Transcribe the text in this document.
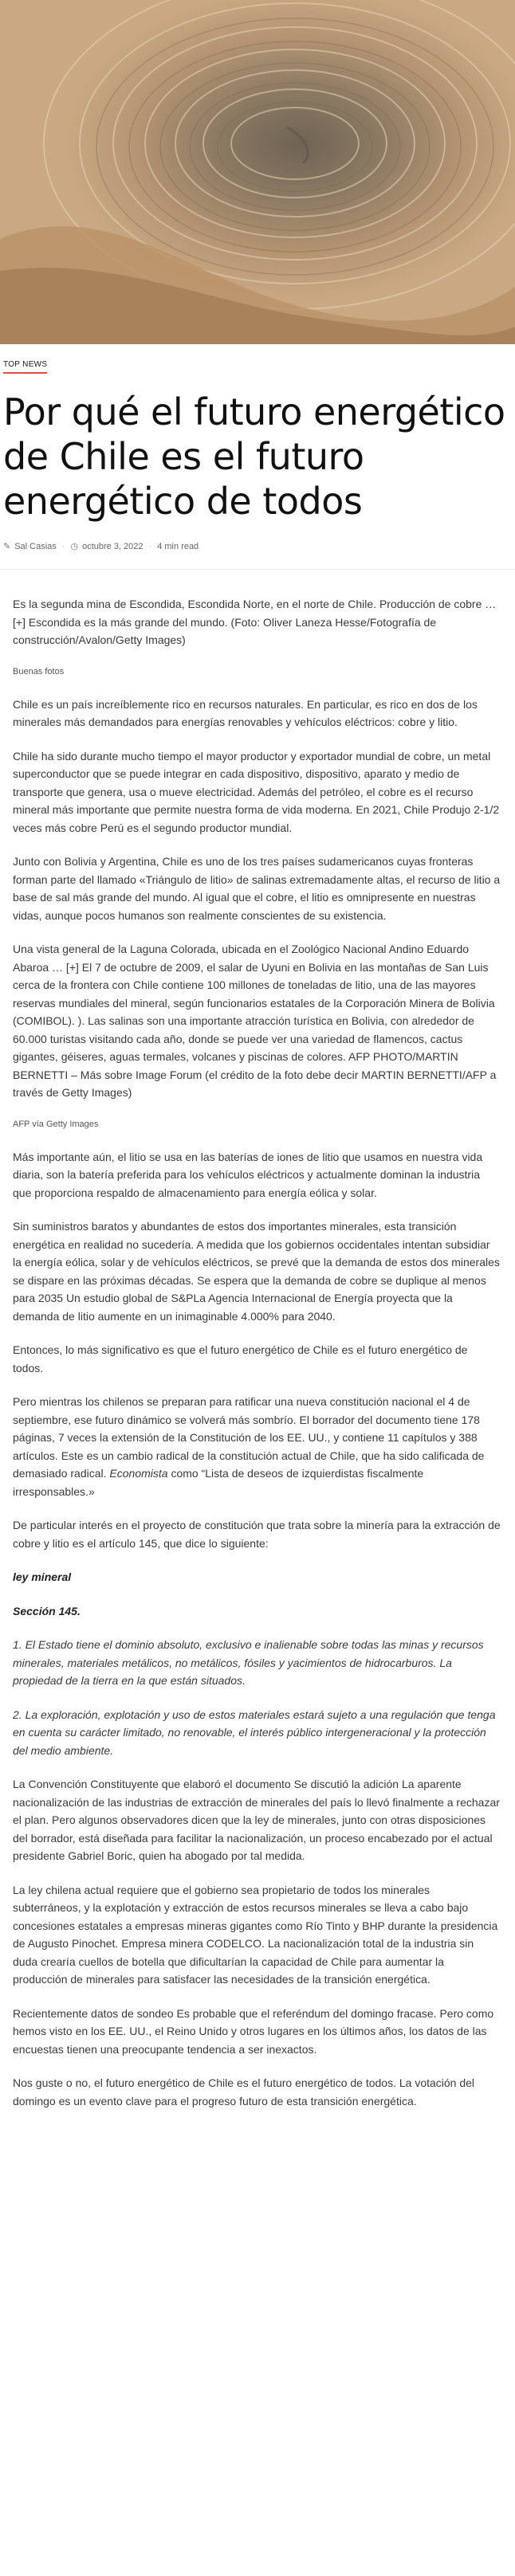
TOP NEWS
Por qué el futuro energético de Chile es el futuro energético de todos
✎ Sal Casias · ◷ octubre 3, 2022 · 4 min read

Es la segunda mina de Escondida, Escondida Norte, en el norte de Chile. Producción de cobre … [+] Escondida es la más grande del mundo. (Foto: Oliver Laneza Hesse/Fotografía de construcción/Avalon/Getty Images)

Buenas fotos

Chile es un país increíblemente rico en recursos naturales. En particular, es rico en dos de los minerales más demandados para energías renovables y vehículos eléctricos: cobre y litio.

Chile ha sido durante mucho tiempo el mayor productor y exportador mundial de cobre, un metal superconductor que se puede integrar en cada dispositivo, dispositivo, aparato y medio de transporte que genera, usa o mueve electricidad. Además del petróleo, el cobre es el recurso mineral más importante que permite nuestra forma de vida moderna. En 2021, Chile Produjo 2-1/2 veces más cobre Perú es el segundo productor mundial.

Junto con Bolivia y Argentina, Chile es uno de los tres países sudamericanos cuyas fronteras forman parte del llamado «Triángulo de litio» de salinas extremadamente altas, el recurso de litio a base de sal más grande del mundo. Al igual que el cobre, el litio es omnipresente en nuestras vidas, aunque pocos humanos son realmente conscientes de su existencia.

Una vista general de la Laguna Colorada, ubicada en el Zoológico Nacional Andino Eduardo Abaroa … [+] El 7 de octubre de 2009, el salar de Uyuni en Bolivia en las montañas de San Luis cerca de la frontera con Chile contiene 100 millones de toneladas de litio, una de las mayores reservas mundiales del mineral, según funcionarios estatales de la Corporación Minera de Bolivia (COMIBOL). ). Las salinas son una importante atracción turística en Bolivia, con alrededor de 60.000 turistas visitando cada año, donde se puede ver una variedad de flamencos, cactus gigantes, géiseres, aguas termales, volcanes y piscinas de colores. AFP PHOTO/MARTIN BERNETTI – Más sobre Image Forum (el crédito de la foto debe decir MARTIN BERNETTI/AFP a través de Getty Images)

AFP vía Getty Images

Más importante aún, el litio se usa en las baterías de iones de litio que usamos en nuestra vida diaria, son la batería preferida para los vehículos eléctricos y actualmente dominan la industria que proporciona respaldo de almacenamiento para energía eólica y solar.

Sin suministros baratos y abundantes de estos dos importantes minerales, esta transición energética en realidad no sucedería. A medida que los gobiernos occidentales intentan subsidiar la energía eólica, solar y de vehículos eléctricos, se prevé que la demanda de estos dos minerales se dispare en las próximas décadas. Se espera que la demanda de cobre se duplique al menos para 2035 Un estudio global de S&PLa Agencia Internacional de Energía proyecta que la demanda de litio aumente en un inimaginable 4.000% para 2040.

Entonces, lo más significativo es que el futuro energético de Chile es el futuro energético de todos.

Pero mientras los chilenos se preparan para ratificar una nueva constitución nacional el 4 de septiembre, ese futuro dinámico se volverá más sombrío. El borrador del documento tiene 178 páginas, 7 veces la extensión de la Constitución de los EE. UU., y contiene 11 capítulos y 388 artículos. Este es un cambio radical de la constitución actual de Chile, que ha sido calificada de demasiado radical. Economista como “Lista de deseos de izquierdistas fiscalmente irresponsables.»

De particular interés en el proyecto de constitución que trata sobre la minería para la extracción de cobre y litio es el artículo 145, que dice lo siguiente:

ley mineral

Sección 145.

1. El Estado tiene el dominio absoluto, exclusivo e inalienable sobre todas las minas y recursos minerales, materiales metálicos, no metálicos, fósiles y yacimientos de hidrocarburos. La propiedad de la tierra en la que están situados.

2. La exploración, explotación y uso de estos materiales estará sujeto a una regulación que tenga en cuenta su carácter limitado, no renovable, el interés público intergeneracional y la protección del medio ambiente.

La Convención Constituyente que elaboró el documento Se discutió la adición La aparente nacionalización de las industrias de extracción de minerales del país lo llevó finalmente a rechazar el plan. Pero algunos observadores dicen que la ley de minerales, junto con otras disposiciones del borrador, está diseñada para facilitar la nacionalización, un proceso encabezado por el actual presidente Gabriel Boric, quien ha abogado por tal medida.

La ley chilena actual requiere que el gobierno sea propietario de todos los minerales subterráneos, y la explotación y extracción de estos recursos minerales se lleva a cabo bajo concesiones estatales a empresas mineras gigantes como Río Tinto y BHP durante la presidencia de Augusto Pinochet. Empresa minera CODELCO. La nacionalización total de la industria sin duda crearía cuellos de botella que dificultarían la capacidad de Chile para aumentar la producción de minerales para satisfacer las necesidades de la transición energética.

Recientemente datos de sondeo Es probable que el referéndum del domingo fracase. Pero como hemos visto en los EE. UU., el Reino Unido y otros lugares en los últimos años, los datos de las encuestas tienen una preocupante tendencia a ser inexactos.

Nos guste o no, el futuro energético de Chile es el futuro energético de todos. La votación del domingo es un evento clave para el progreso futuro de esta transición energética.
